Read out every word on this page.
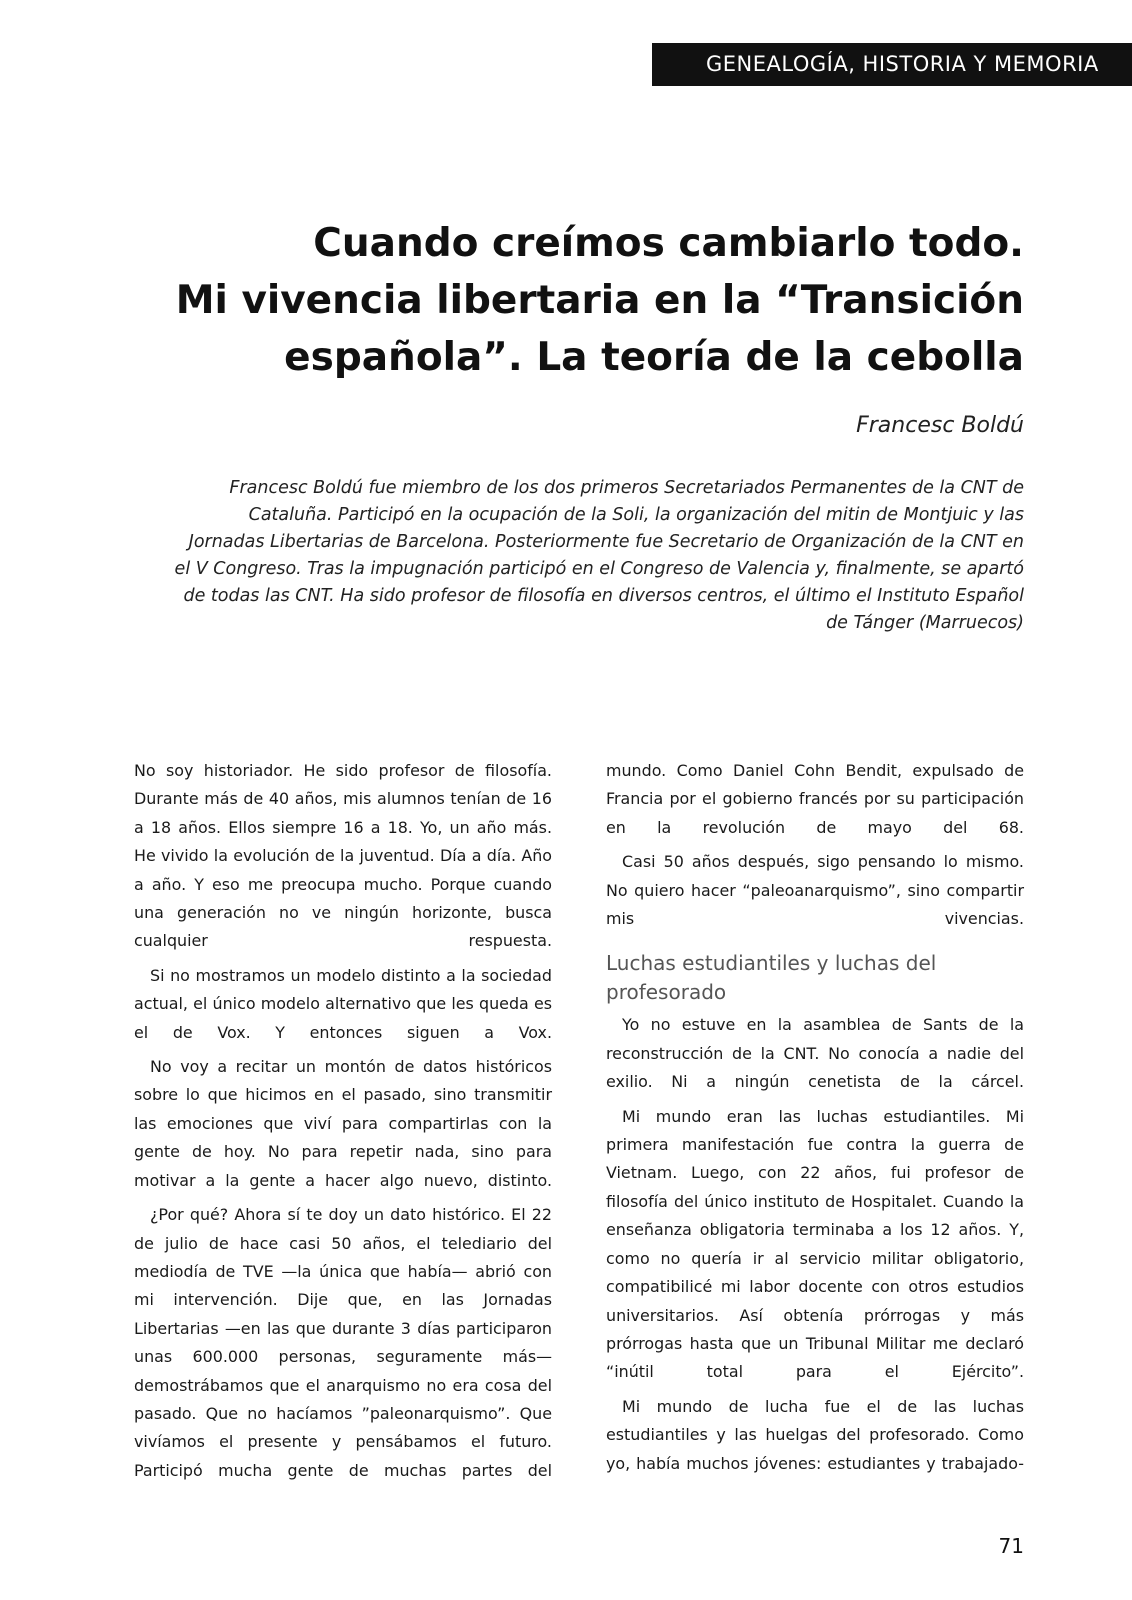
GENEALOGÍA, HISTORIA Y MEMORIA
Cuando creímos cambiarlo todo.
Mi vivencia libertaria en la “Transición
española”. La teoría de la cebolla
Francesc Boldú
Francesc Boldú fue miembro de los dos primeros Secretariados Permanentes de la CNT de
Cataluña. Participó en la ocupación de la Soli, la organización del mitin de Montjuic y las
Jornadas Libertarias de Barcelona. Posteriormente fue Secretario de Organización de la CNT en
el V Congreso. Tras la impugnación participó en el Congreso de Valencia y, finalmente, se apartó
de todas las CNT. Ha sido profesor de filosofía en diversos centros, el último el Instituto Español
de Tánger (Marruecos)

No soy historiador. He sido profesor de filosofía. Durante más de 40 años, mis alumnos tenían de 16 a 18 años. Ellos siempre 16 a 18. Yo, un año más. He vivido la evolución de la juventud. Día a día. Año a año. Y eso me preocupa mucho. Porque cuando una generación no ve ningún horizonte, busca cualquier respuesta.

Si no mostramos un modelo distinto a la sociedad actual, el único modelo alternativo que les queda es el de Vox. Y entonces siguen a Vox.

No voy a recitar un montón de datos históricos sobre lo que hicimos en el pasado, sino transmitir las emociones que viví para compartirlas con la gente de hoy. No para repetir nada, sino para motivar a la gente a hacer algo nuevo, distinto.

¿Por qué? Ahora sí te doy un dato histórico. El 22 de julio de hace casi 50 años, el telediario del mediodía de TVE —la única que había— abrió con mi intervención. Dije que, en las Jornadas Libertarias —en las que durante 3 días participaron unas 600.000 personas, seguramente más— demostrábamos que el anarquismo no era cosa del pasado. Que no hacíamos ”paleonarquismo”. Que vivíamos el presente y pensábamos el futuro. Participó mucha gente de muchas partes del

mundo. Como Daniel Cohn Bendit, expulsado de Francia por el gobierno francés por su participación en la revolución de mayo del 68.

Casi 50 años después, sigo pensando lo mismo. No quiero hacer “paleoanarquismo”, sino compartir mis vivencias.

Luchas estudiantiles y luchas del profesorado

Yo no estuve en la asamblea de Sants de la reconstrucción de la CNT. No conocía a nadie del exilio. Ni a ningún cenetista de la cárcel.

Mi mundo eran las luchas estudiantiles. Mi primera manifestación fue contra la guerra de Vietnam. Luego, con 22 años, fui profesor de filosofía del único instituto de Hospitalet. Cuando la enseñanza obligatoria terminaba a los 12 años. Y, como no quería ir al servicio militar obligatorio, compatibilicé mi labor docente con otros estudios universitarios. Así obtenía prórrogas y más prórrogas hasta que un Tribunal Militar me declaró “inútil total para el Ejército”.

Mi mundo de lucha fue el de las luchas estudiantiles y las huelgas del profesorado. Como yo, había muchos jóvenes: estudiantes y trabajado-

71
